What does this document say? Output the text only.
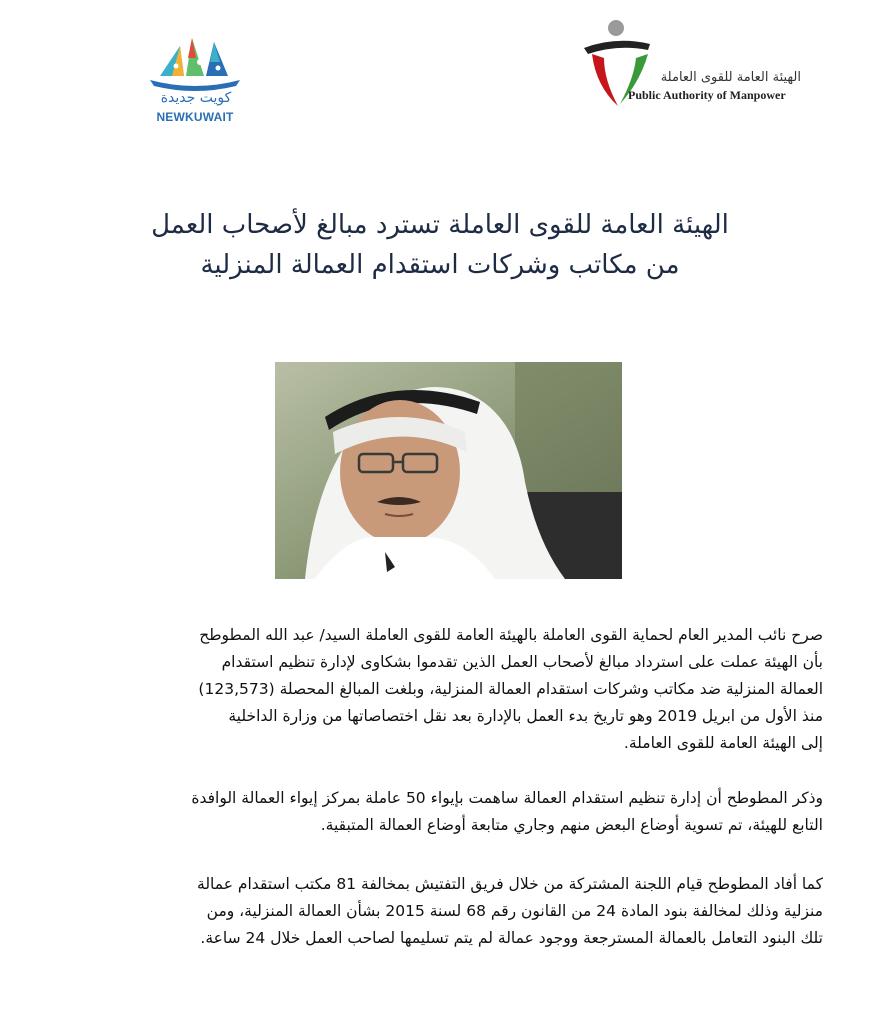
كويت جديدة
NEWKUWAIT
الهيئة العامة للقوى العاملة
Public Authority of Manpower
الهيئة العامة للقوى العاملة تسترد مبالغ لأصحاب العمل
من مكاتب وشركات استقدام العمالة المنزلية
صرح نائب المدير العام لحماية القوى العاملة بالهيئة العامة للقوى العاملة السيد/ عبد الله المطوطح
بأن الهيئة عملت على استرداد مبالغ لأصحاب العمل الذين تقدموا بشكاوى لإدارة تنظيم استقدام
العمالة المنزلية ضد مكاتب وشركات استقدام العمالة المنزلية، وبلغت المبالغ المحصلة (123,573)
منذ الأول من ابريل 2019 وهو تاريخ بدء العمل بالإدارة بعد نقل اختصاصاتها من وزارة الداخلية
إلى الهيئة العامة للقوى العاملة.
وذكر المطوطح أن إدارة تنظيم استقدام العمالة ساهمت بإيواء 50 عاملة بمركز إيواء العمالة الوافدة
التابع للهيئة، تم تسوية أوضاع البعض منهم وجاري متابعة أوضاع العمالة المتبقية.
كما أفاد المطوطح قيام اللجنة المشتركة من خلال فريق التفتيش بمخالفة 81 مكتب استقدام عمالة
منزلية وذلك لمخالفة بنود المادة 24 من القانون رقم 68 لسنة 2015 بشأن العمالة المنزلية، ومن
تلك البنود التعامل بالعمالة المسترجعة ووجود عمالة لم يتم تسليمها لصاحب العمل خلال 24 ساعة.
